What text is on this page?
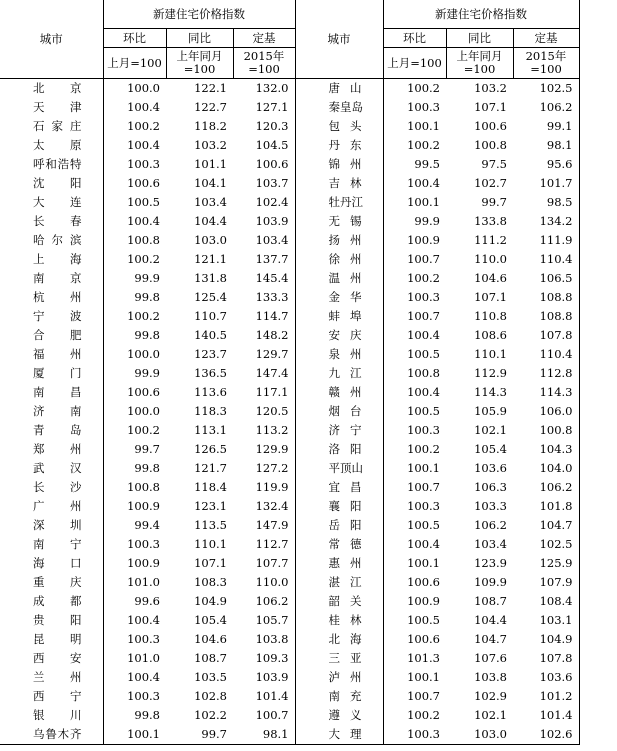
城市	新建住宅价格指数			城市	新建住宅价格指数		
	环比	同比	定基		环比	同比	定基
	上月=100	上年同月=100	2015年=100		上月=100	上年同月=100	2015年=100
北京	100.0	122.1	132.0	唐山	100.2	103.2	102.5
天津	100.4	122.7	127.1	秦皇岛	100.3	107.1	106.2
石家庄	100.2	118.2	120.3	包头	100.1	100.6	99.1
太原	100.4	103.2	104.5	丹东	100.2	100.8	98.1
呼和浩特	100.3	101.1	100.6	锦州	99.5	97.5	95.6
沈阳	100.6	104.1	103.7	吉林	100.4	102.7	101.7
大连	100.5	103.4	102.4	牡丹江	100.1	99.7	98.5
长春	100.4	104.4	103.9	无锡	99.9	133.8	134.2
哈尔滨	100.8	103.0	103.4	扬州	100.9	111.2	111.9
上海	100.2	121.1	137.7	徐州	100.7	110.0	110.4
南京	99.9	131.8	145.4	温州	100.2	104.6	106.5
杭州	99.8	125.4	133.3	金华	100.3	107.1	108.8
宁波	100.2	110.7	114.7	蚌埠	100.7	110.8	108.8
合肥	99.8	140.5	148.2	安庆	100.4	108.6	107.8
福州	100.0	123.7	129.7	泉州	100.5	110.1	110.4
厦门	99.9	136.5	147.4	九江	100.8	112.9	112.8
南昌	100.6	113.6	117.1	赣州	100.4	114.3	114.3
济南	100.0	118.3	120.5	烟台	100.5	105.9	106.0
青岛	100.2	113.1	113.2	济宁	100.3	102.1	100.8
郑州	99.7	126.5	129.9	洛阳	100.2	105.4	104.3
武汉	99.8	121.7	127.2	平顶山	100.1	103.6	104.0
长沙	100.8	118.4	119.9	宜昌	100.7	106.3	106.2
广州	100.9	123.1	132.4	襄阳	100.3	103.3	101.8
深圳	99.4	113.5	147.9	岳阳	100.5	106.2	104.7
南宁	100.3	110.1	112.7	常德	100.4	103.4	102.5
海口	100.9	107.1	107.7	惠州	100.1	123.9	125.9
重庆	101.0	108.3	110.0	湛江	100.6	109.9	107.9
成都	99.6	104.9	106.2	韶关	100.9	108.7	108.4
贵阳	100.4	105.4	105.7	桂林	100.5	104.4	103.1
昆明	100.3	104.6	103.8	北海	100.6	104.7	104.9
西安	101.0	108.7	109.3	三亚	101.3	107.6	107.8
兰州	100.4	103.5	103.9	泸州	100.1	103.8	103.6
西宁	100.3	102.8	101.4	南充	100.7	102.9	101.2
银川	99.8	102.2	100.7	遵义	100.2	102.1	101.4
乌鲁木齐	100.1	99.7	98.1	大理	100.3	103.0	102.6
